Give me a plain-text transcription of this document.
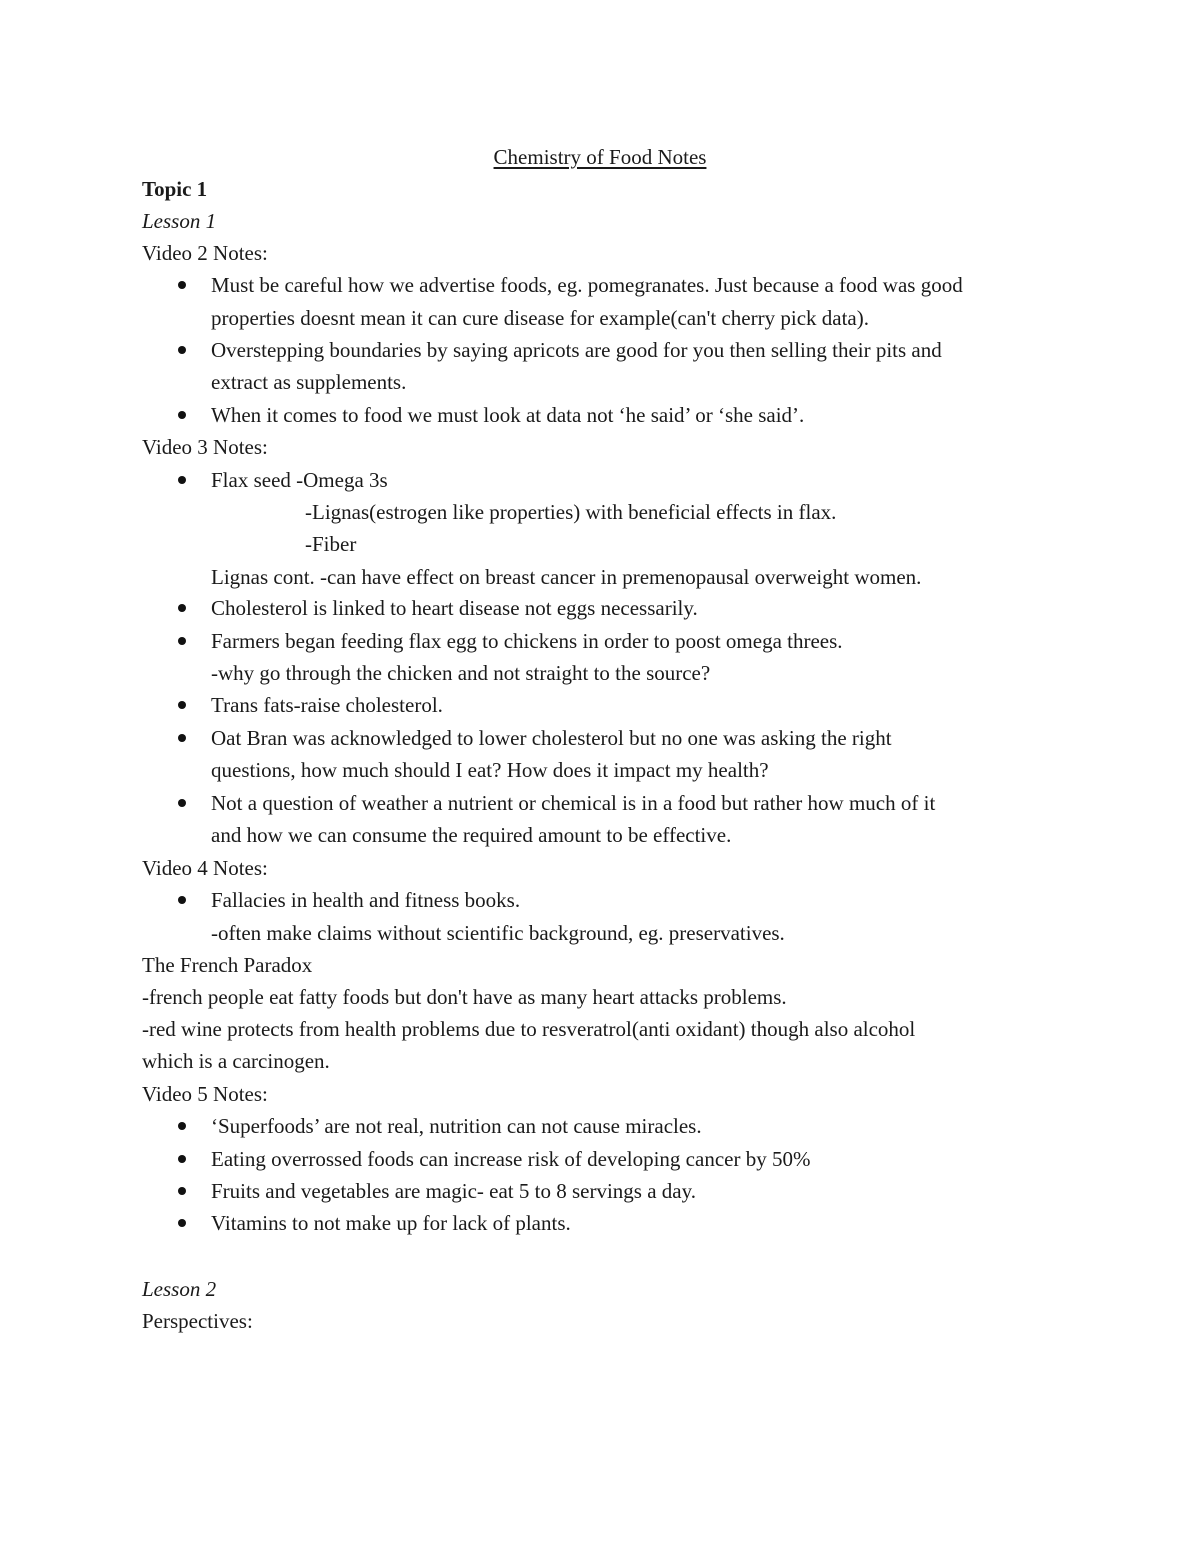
Chemistry of Food Notes
Topic 1
Lesson 1
Video 2 Notes:
Must be careful how we advertise foods, eg. pomegranates. Just because a food was good
properties doesnt mean it can cure disease for example(can't cherry pick data).
Overstepping boundaries by saying apricots are good for you then selling their pits and
extract as supplements.
When it comes to food we must look at data not ‘he said’ or ‘she said’.
Video 3 Notes:
Flax seed -Omega 3s
-Lignas(estrogen like properties) with beneficial effects in flax.
-Fiber
Lignas cont. -can have effect on breast cancer in premenopausal overweight women.
Cholesterol is linked to heart disease not eggs necessarily.
Farmers began feeding flax egg to chickens in order to poost omega threes.
-why go through the chicken and not straight to the source?
Trans fats-raise cholesterol.
Oat Bran was acknowledged to lower cholesterol but no one was asking the right
questions, how much should I eat? How does it impact my health?
Not a question of weather a nutrient or chemical is in a food but rather how much of it
and how we can consume the required amount to be effective.
Video 4 Notes:
Fallacies in health and fitness books.
-often make claims without scientific background, eg. preservatives.
The French Paradox
-french people eat fatty foods but don't have as many heart attacks problems.
-red wine protects from health problems due to resveratrol(anti oxidant) though also alcohol
which is a carcinogen.
Video 5 Notes:
‘Superfoods’ are not real, nutrition can not cause miracles.
Eating overrossed foods can increase risk of developing cancer by 50%
Fruits and vegetables are magic- eat 5 to 8 servings a day.
Vitamins to not make up for lack of plants.
Lesson 2
Perspectives:
